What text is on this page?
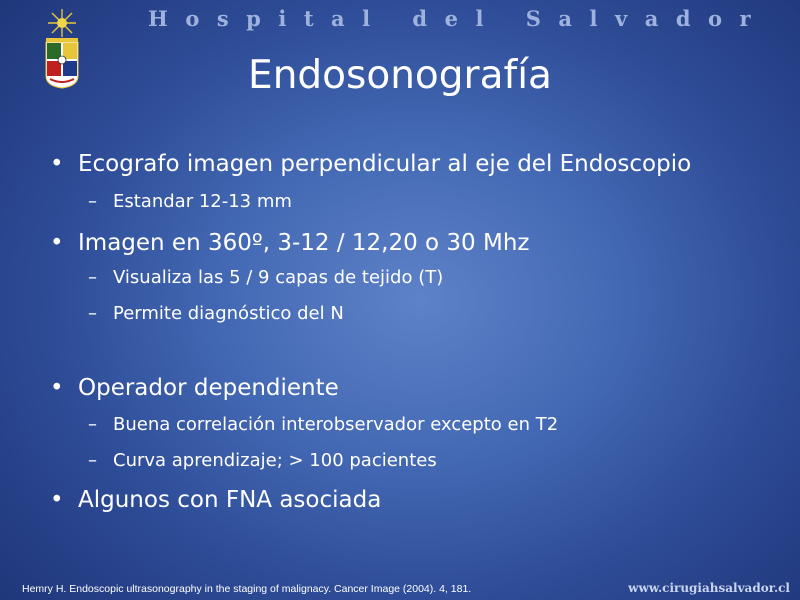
Hospital del Salvador
Endosonografía
• Ecografo imagen perpendicular al eje del Endoscopio
– Estandar 12-13 mm
• Imagen en 360º, 3-12 / 12,20 o 30 Mhz
– Visualiza las 5 / 9 capas de tejido (T)
– Permite diagnóstico del N
• Operador dependiente
– Buena correlación interobservador excepto en T2
– Curva aprendizaje; > 100 pacientes
• Algunos con FNA asociada
Hemry H. Endoscopic ultrasonography in the staging of malignacy. Cancer Image (2004). 4, 181.	www.cirugiahsalvador.cl
